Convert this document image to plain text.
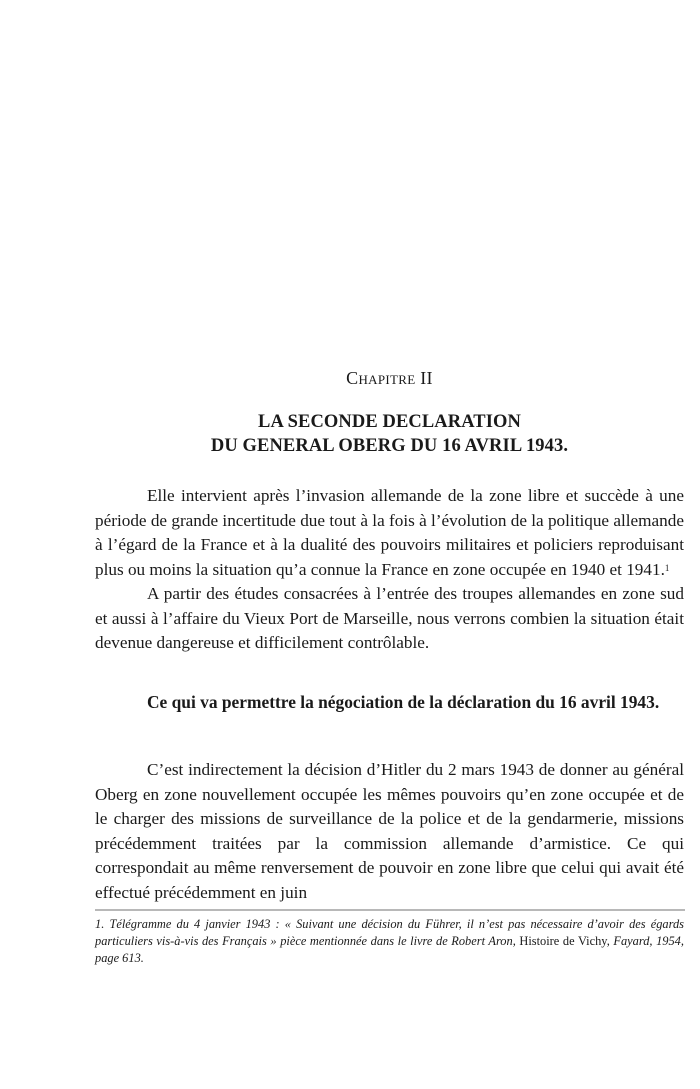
Chapitre II
LA SECONDE DECLARATION
DU GENERAL OBERG DU 16 AVRIL 1943.

Elle intervient après l’invasion allemande de la zone libre et succède à une période de grande incertitude due tout à la fois à l’évolution de la politique allemande à l’égard de la France et à la dualité des pouvoirs militaires et policiers reproduisant plus ou moins la situation qu’a connue la France en zone occupée en 1940 et 1941.$^1$

A partir des études consacrées à l’entrée des troupes allemandes en zone sud et aussi à l’affaire du Vieux Port de Marseille, nous verrons combien la situation était devenue dangereuse et difficilement contrôlable.

Ce qui va permettre la négociation de la déclaration du 16 avril 1943.

C’est indirectement la décision d’Hitler du 2 mars 1943 de donner au général Oberg en zone nouvellement occupée les mêmes pouvoirs qu’en zone occupée et de le charger des missions de surveillance de la police et de la gendarmerie, missions précédemment traitées par la commission allemande d’armistice. Ce qui correspondait au même renversement de pouvoir en zone libre que celui qui avait été effectué précédemment en juin

1. Télégramme du 4 janvier 1943 : « Suivant une décision du Führer, il n’est pas nécessaire d’avoir des égards particuliers vis-à-vis des Français » pièce mentionnée dans le livre de Robert Aron, Histoire de Vichy, Fayard, 1954, page 613.
